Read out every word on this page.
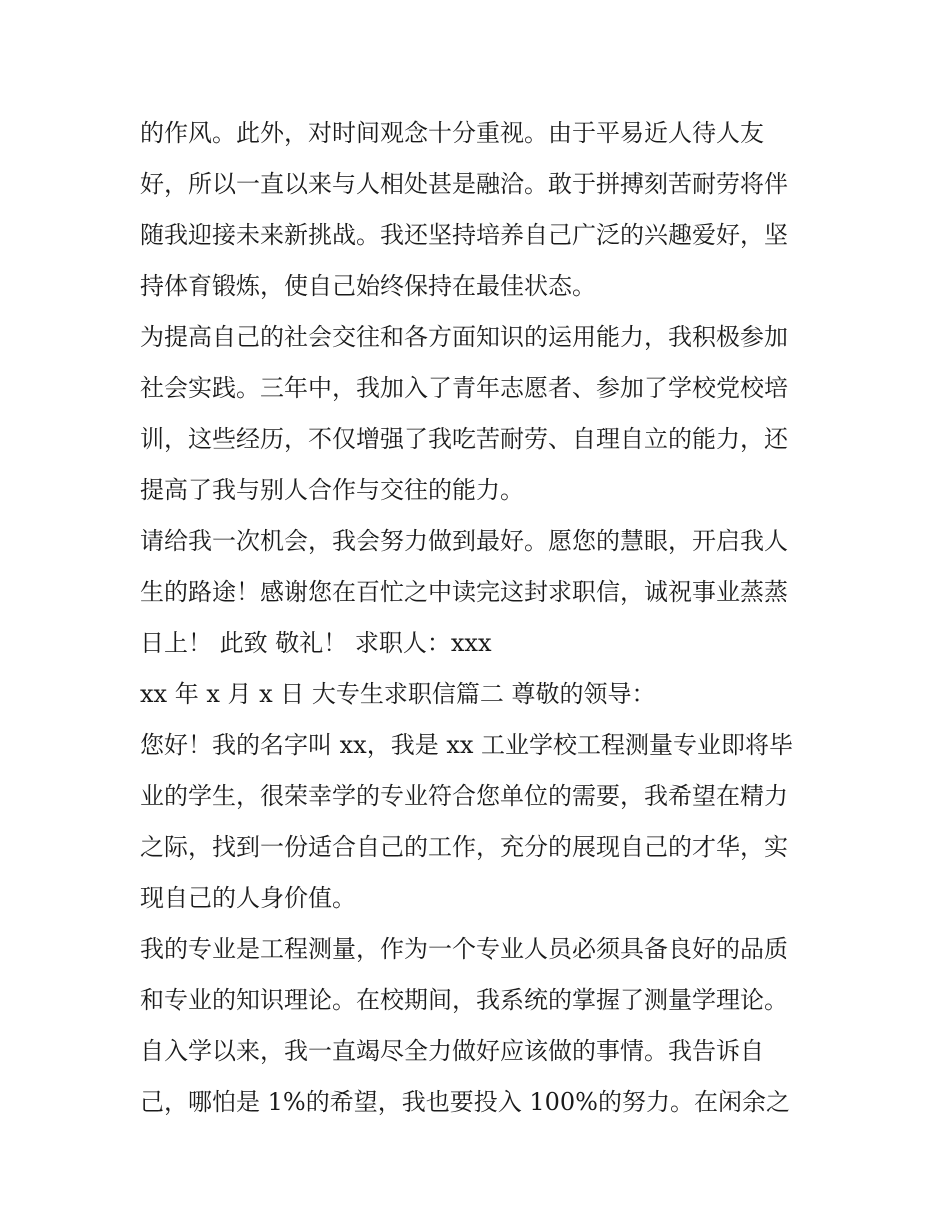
的作风。此外，对时间观念十分重视。由于平易近人待人友
好，所以一直以来与人相处甚是融洽。敢于拼搏刻苦耐劳将伴
随我迎接未来新挑战。我还坚持培养自己广泛的兴趣爱好，坚
持体育锻炼，使自己始终保持在最佳状态。
为提高自己的社会交往和各方面知识的运用能力，我积极参加
社会实践。三年中，我加入了青年志愿者、参加了学校党校培
训，这些经历，不仅增强了我吃苦耐劳、自理自立的能力，还
提高了我与别人合作与交往的能力。
请给我一次机会，我会努力做到最好。愿您的慧眼，开启我人
生的路途！感谢您在百忙之中读完这封求职信，诚祝事业蒸蒸
日上！ 此致 敬礼！ 求职人：xxx
xx 年 x 月 x 日 大专生求职信篇二 尊敬的领导：
您好！我的名字叫 xx，我是 xx 工业学校工程测量专业即将毕
业的学生，很荣幸学的专业符合您单位的需要，我希望在精力
之际，找到一份适合自己的工作，充分的展现自己的才华，实
现自己的人身价值。
我的专业是工程测量，作为一个专业人员必须具备良好的品质
和专业的知识理论。在校期间，我系统的掌握了测量学理论。
自入学以来，我一直竭尽全力做好应该做的事情。我告诉自
己，哪怕是 1%的希望，我也要投入 100%的努力。在闲余之
